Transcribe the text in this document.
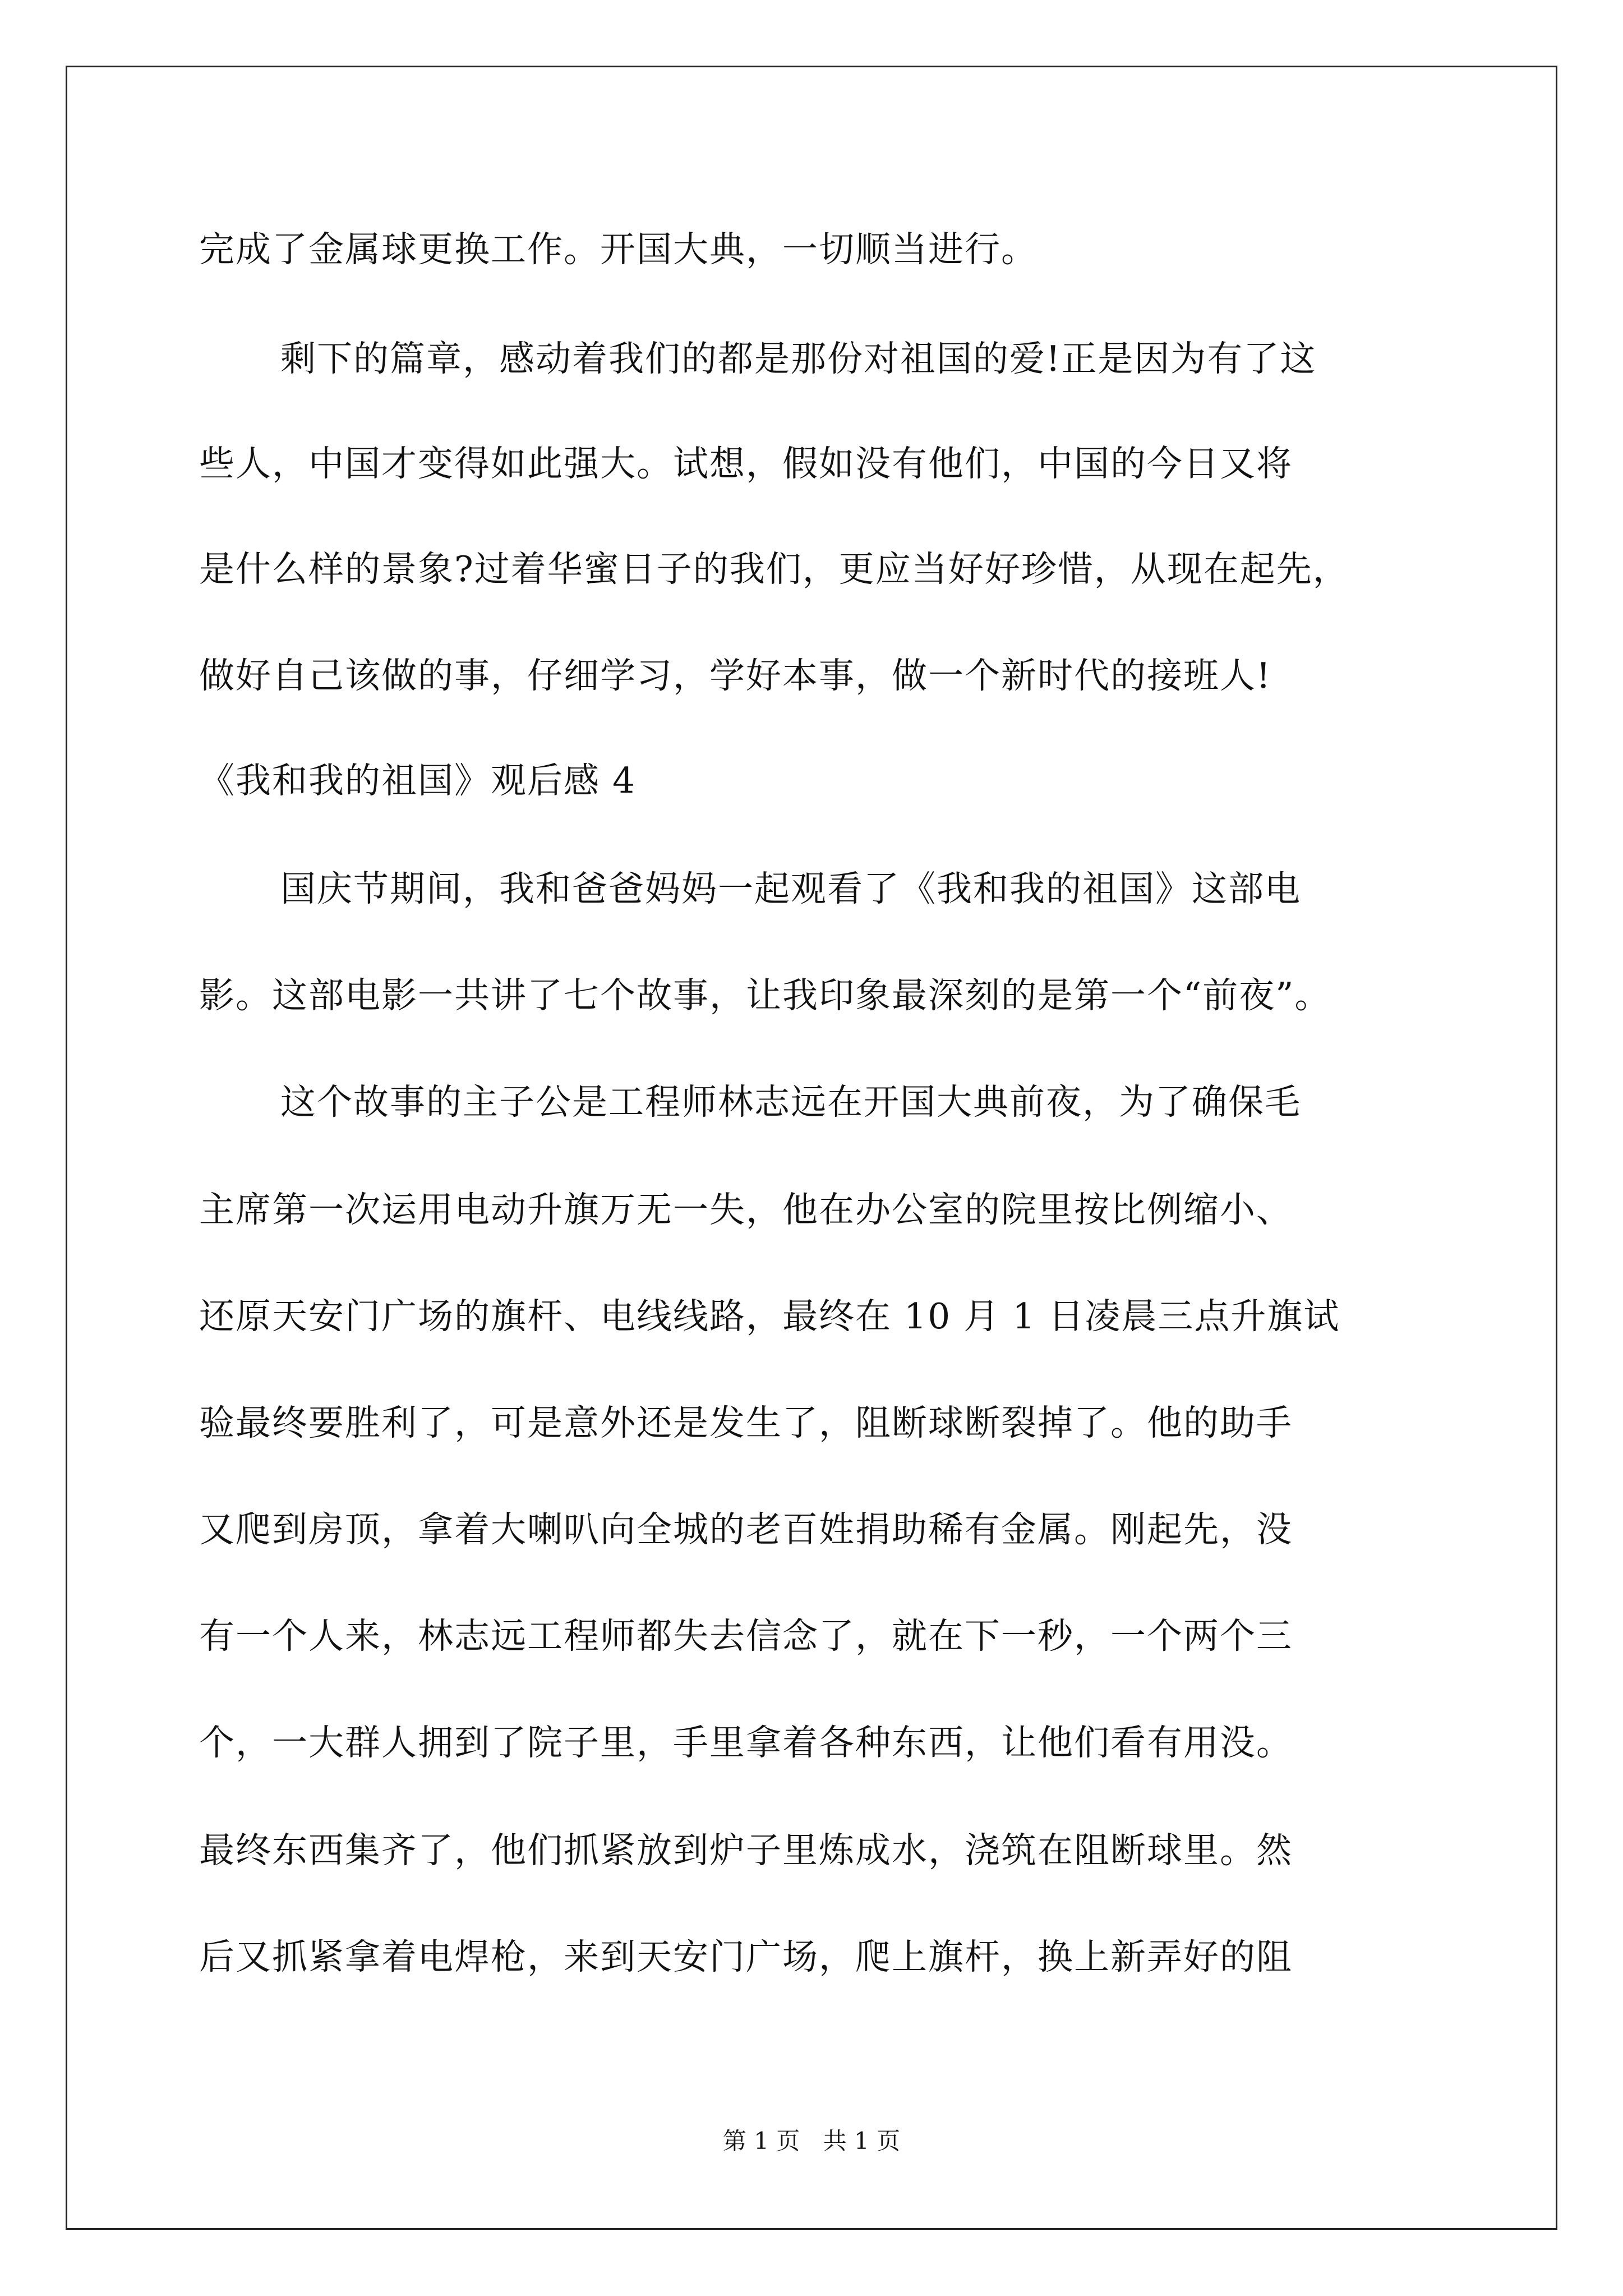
完成了金属球更换工作。开国大典，一切顺当进行。
剩下的篇章，感动着我们的都是那份对祖国的爱!正是因为有了这
些人，中国才变得如此强大。试想，假如没有他们，中国的今日又将
是什么样的景象?过着华蜜日子的我们，更应当好好珍惜，从现在起先，
做好自己该做的事，仔细学习，学好本事，做一个新时代的接班人!
《我和我的祖国》观后感 4
国庆节期间，我和爸爸妈妈一起观看了《我和我的祖国》这部电
影。这部电影一共讲了七个故事，让我印象最深刻的是第一个“前夜”。
这个故事的主子公是工程师林志远在开国大典前夜，为了确保毛
主席第一次运用电动升旗万无一失，他在办公室的院里按比例缩小、
还原天安门广场的旗杆、电线线路，最终在 10 月 1 日凌晨三点升旗试
验最终要胜利了，可是意外还是发生了，阻断球断裂掉了。他的助手
又爬到房顶，拿着大喇叭向全城的老百姓捐助稀有金属。刚起先，没
有一个人来，林志远工程师都失去信念了，就在下一秒，一个两个三
个，一大群人拥到了院子里，手里拿着各种东西，让他们看有用没。
最终东西集齐了，他们抓紧放到炉子里炼成水，浇筑在阻断球里。然
后又抓紧拿着电焊枪，来到天安门广场，爬上旗杆，换上新弄好的阻
第 1 页 共 1 页
